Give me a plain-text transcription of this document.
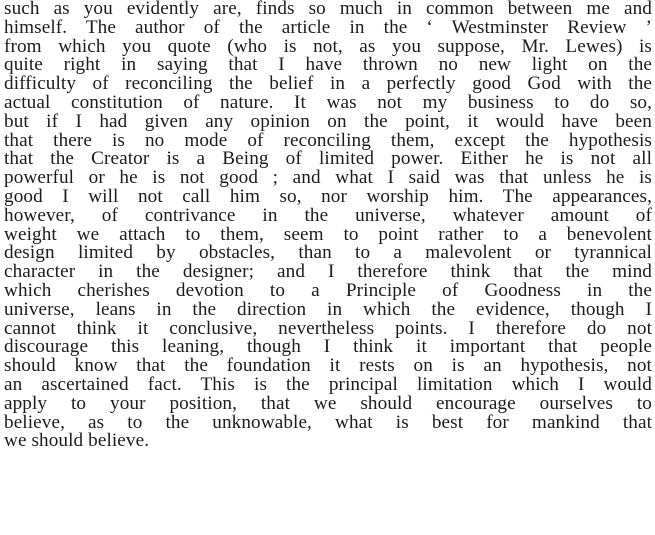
such as you evidently are, finds so much in common between me and
himself. The author of the article in the ‘ Westminster Review ’
from which you quote (who is not, as you suppose, Mr. Lewes) is
quite right in saying that I have thrown no new light on the
difficulty of reconciling the belief in a perfectly good God with the
actual constitution of nature. It was not my business to do so,
but if I had given any opinion on the point, it would have been
that there is no mode of reconciling them, except the hypothesis
that the Creator is a Being of limited power. Either he is not all
powerful or he is not good ; and what I said was that unless he is
good I will not call him so, nor worship him. The appearances,
however, of contrivance in the universe, whatever amount of
weight we attach to them, seem to point rather to a benevolent
design limited by obstacles, than to a malevolent or tyrannical
character in the designer; and I therefore think that the mind
which cherishes devotion to a Principle of Goodness in the
universe, leans in the direction in which the evidence, though I
cannot think it conclusive, nevertheless points. I therefore do not
discourage this leaning, though I think it important that people
should know that the foundation it rests on is an hypothesis, not
an ascertained fact. This is the principal limitation which I would
apply to your position, that we should encourage ourselves to
believe, as to the unknowable, what is best for mankind that
we should believe.
